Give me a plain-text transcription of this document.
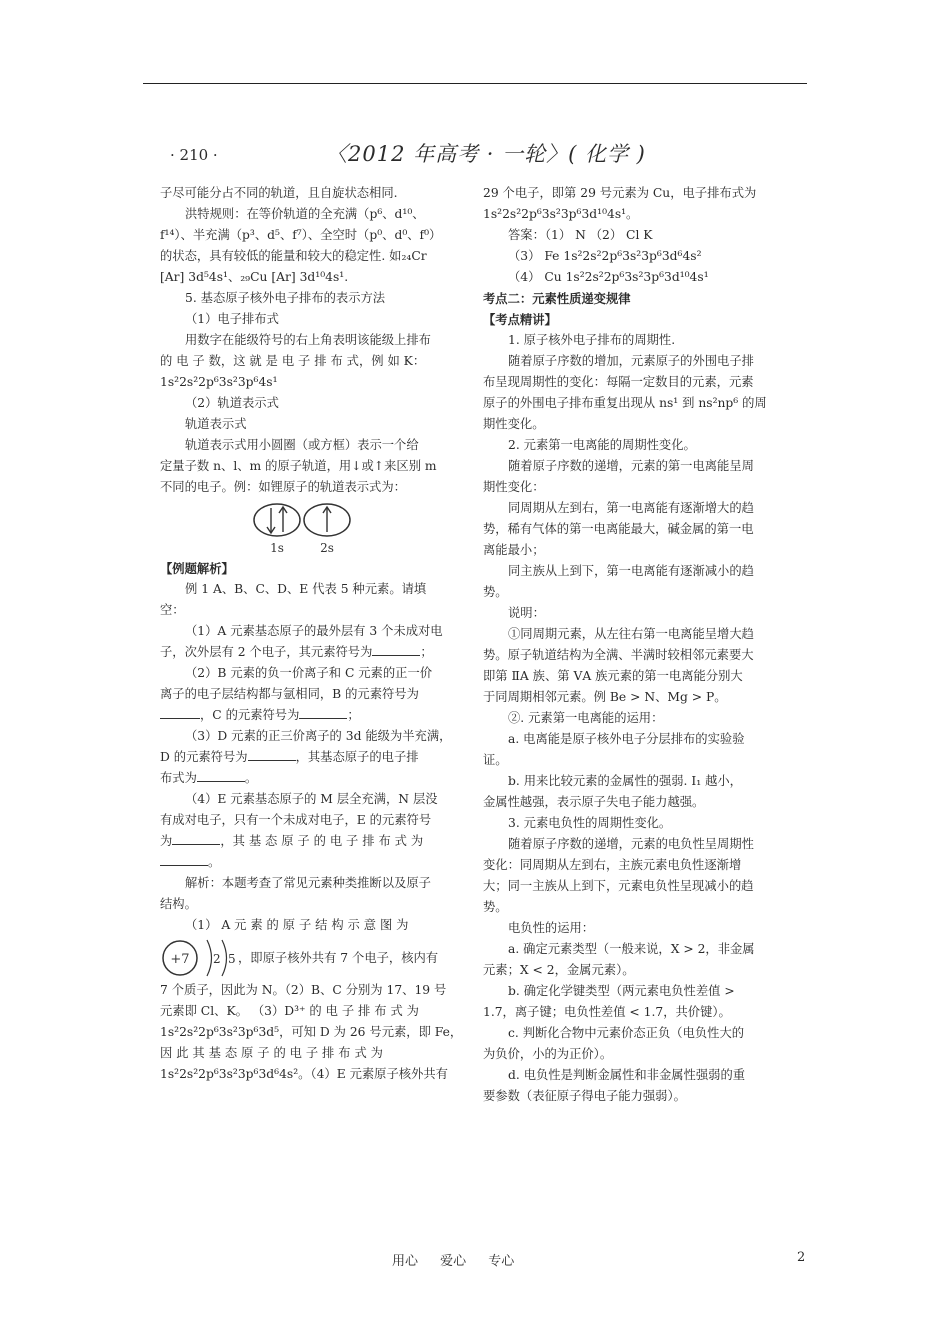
· 210 ·	〈2012 年高考 · 一轮〉( 化学 )

子尽可能分占不同的轨道，且自旋状态相同.

洪特规则：在等价轨道的全充满（p⁶、d¹⁰、

f¹⁴）、半充满（p³、d⁵、f⁷）、全空时（p⁰、d⁰、f⁰）

的状态，具有较低的能量和较大的稳定性. 如₂₄Cr

[Ar] 3d⁵4s¹、₂₉Cu [Ar] 3d¹⁰4s¹.

5. 基态原子核外电子排布的表示方法

（1）电子排布式

用数字在能级符号的右上角表明该能级上排布

的 电 子 数，这 就 是 电 子 排 布 式，例 如 K：

1s²2s²2p⁶3s²3p⁶4s¹

（2）轨道表示式

轨道表示式

轨道表示式用小圆圈（或方框）表示一个给

定量子数 n、l、m 的原子轨道，用↓或↑来区别 m

不同的电子。例：如锂原子的轨道表示式为：

1s	2s

【例题解析】

例 1 A、B、C、D、E 代表 5 种元素。请填

空：

（1）A 元素基态原子的最外层有 3 个未成对电

子，次外层有 2 个电子，其元素符号为	；

（2）B 元素的负一价离子和 C 元素的正一价

离子的电子层结构都与氩相同，B 的元素符号为

，C 的元素符号为	；

（3）D 元素的正三价离子的 3d 能级为半充满，

D 的元素符号为	，其基态原子的电子排

布式为	。

（4）E 元素基态原子的 M 层全充满，N 层没

有成对电子，只有一个未成对电子，E 的元素符号

为	，其 基 态 原 子 的 电 子 排 布 式 为

。

解析：本题考查了常见元素种类推断以及原子

结构。

（1） A 元 素 的 原 子 结 构 示 意 图 为

+7 2 5 ，即原子核外共有 7 个电子，核内有

7 个质子，因此为 N。（2）B、C 分别为 17、19 号

元素即 Cl、K。 （3）D³⁺ 的 电 子 排 布 式 为

1s²2s²2p⁶3s²3p⁶3d⁵，可知 D 为 26 号元素，即 Fe，

因 此 其 基 态 原 子 的 电 子 排 布 式 为

1s²2s²2p⁶3s²3p⁶3d⁶4s²。（4）E 元素原子核外共有

29 个电子，即第 29 号元素为 Cu，电子排布式为

1s²2s²2p⁶3s²3p⁶3d¹⁰4s¹。

答案：（1） N （2） Cl K

（3） Fe 1s²2s²2p⁶3s²3p⁶3d⁶4s²

（4） Cu 1s²2s²2p⁶3s²3p⁶3d¹⁰4s¹

考点二：元素性质递变规律

【考点精讲】

1. 原子核外电子排布的周期性.

随着原子序数的增加，元素原子的外围电子排

布呈现周期性的变化：每隔一定数目的元素，元素

原子的外围电子排布重复出现从 ns¹ 到 ns²np⁶ 的周

期性变化。

2. 元素第一电离能的周期性变化。

随着原子序数的递增，元素的第一电离能呈周

期性变化：

同周期从左到右，第一电离能有逐渐增大的趋

势，稀有气体的第一电离能最大，碱金属的第一电

离能最小；

同主族从上到下，第一电离能有逐渐减小的趋

势。

说明：

①同周期元素，从左往右第一电离能呈增大趋

势。原子轨道结构为全满、半满时较相邻元素要大

即第 ⅡA 族、第 ⅤA 族元素的第一电离能分别大

于同周期相邻元素。例 Be > N、Mg > P。

②. 元素第一电离能的运用：

a. 电离能是原子核外电子分层排布的实验验

证。

b. 用来比较元素的金属性的强弱. I₁ 越小，

金属性越强，表示原子失电子能力越强。

3. 元素电负性的周期性变化。

随着原子序数的递增，元素的电负性呈周期性

变化：同周期从左到右，主族元素电负性逐渐增

大；同一主族从上到下，元素电负性呈现减小的趋

势。

电负性的运用：

a. 确定元素类型（一般来说，X > 2，非金属

元素；X < 2，金属元素）。

b. 确定化学键类型（两元素电负性差值 >

1.7，离子键；电负性差值 < 1.7，共价键）。

c. 判断化合物中元素价态正负（电负性大的

为负价，小的为正价）。

d. 电负性是判断金属性和非金属性强弱的重

要参数（表征原子得电子能力强弱）。

用心 爱心 专心	2
